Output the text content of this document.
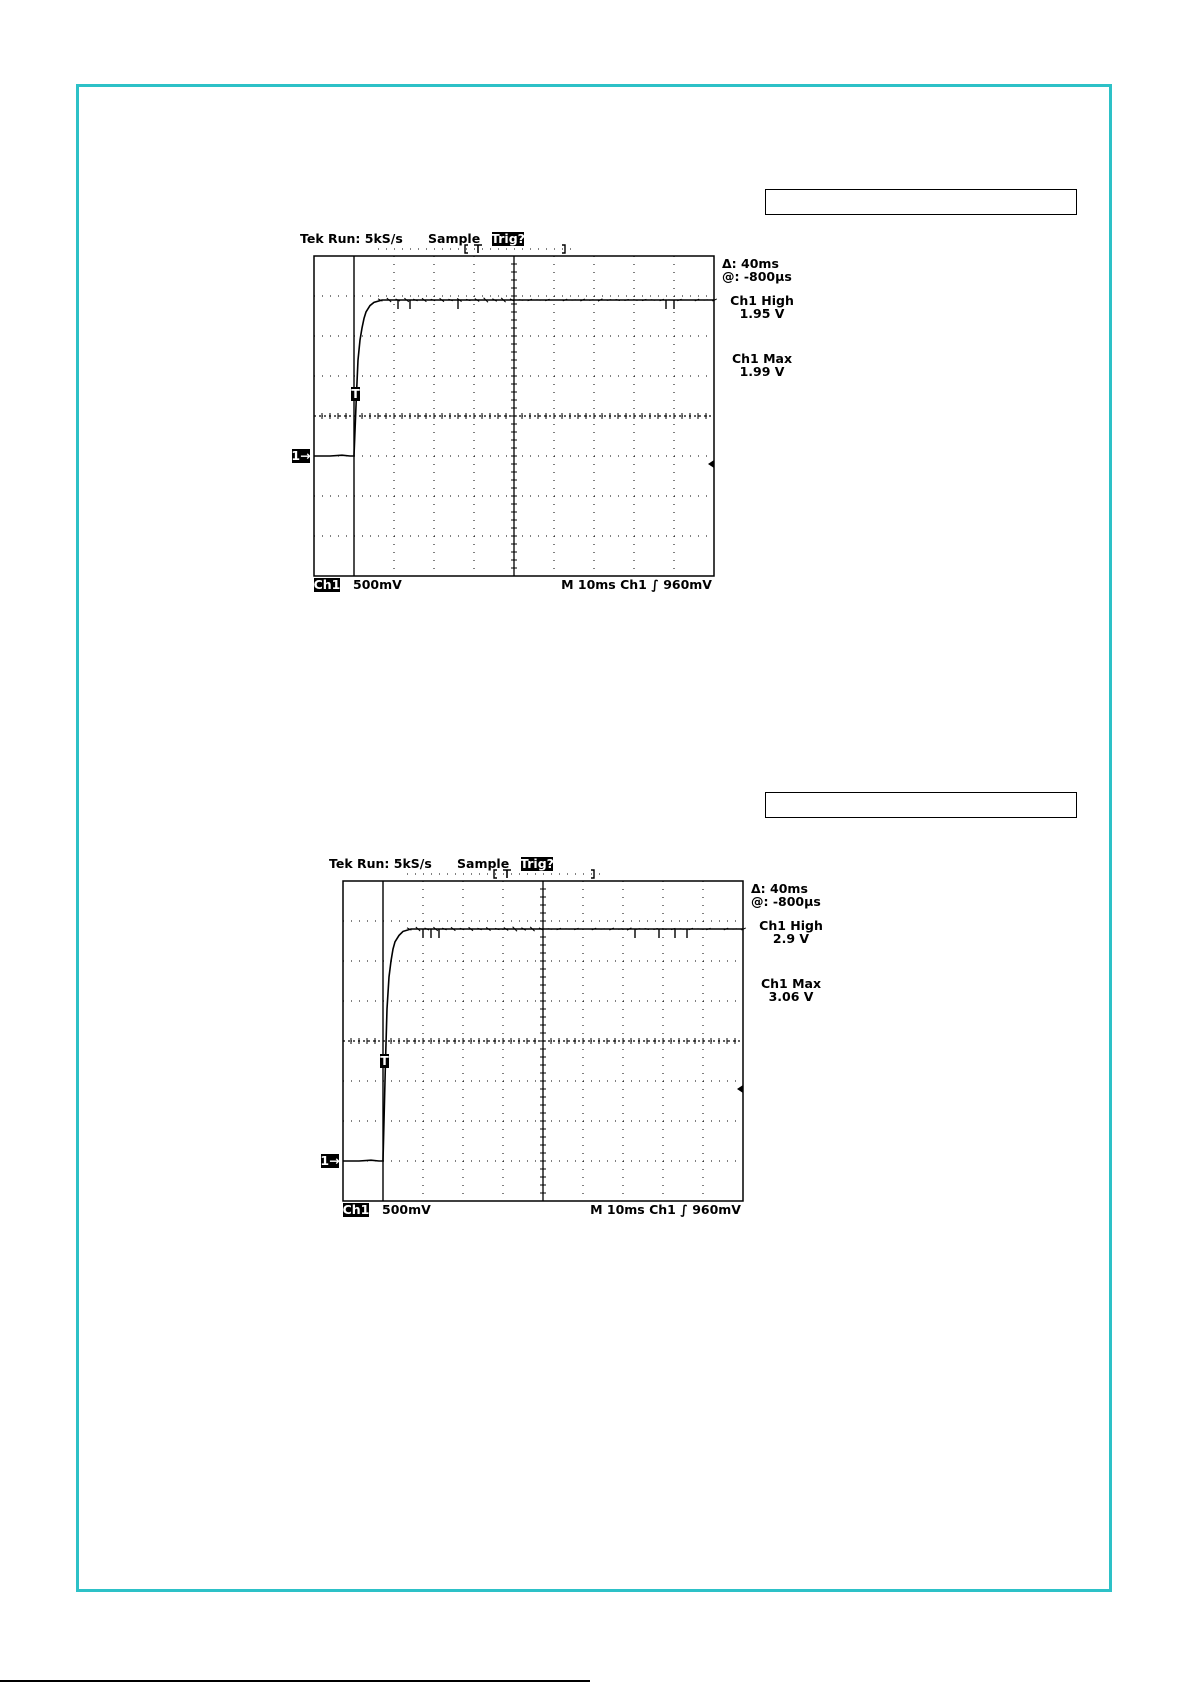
Tek Run: 5kS/s Sample Trig?
T
1→
Δ: 40ms
@: -800µs
Ch1 High
1.95 V
Ch1 Max
1.99 V
Ch1 500mV	M 10ms Ch1 ∫ 960mV
Tek Run: 5kS/s Sample Trig?
T
1→
Δ: 40ms
@: -800µs
Ch1 High
2.9 V
Ch1 Max
3.06 V
Ch1 500mV	M 10ms Ch1 ∫ 960mV
